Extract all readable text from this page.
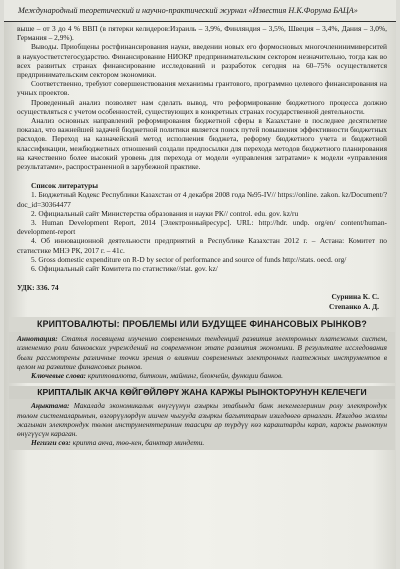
Международный теоретический и научно-практический журнал «Известия Н.К.Форума БАЦА»

выше – от 3 до 4 % ВВП (в пятерки келидеров:Израиль – 3,9%, Финляндия – 3,5%, Швеция – 3,4%, Дания – 3,0%, Германия – 2,9%).

Выводы. Приобщены ростфинансирования науки, введении новых его формосновых многочленинимиверситей в наукуостветстегосударство. Финансирование НИОКР предпринимательским сектором незначительно, тогда как во всех развитых странах финансирование исследований и разработок сегодня на 60–75% осуществляется предпринимательским сектором экономики.

Соответственно, требуют совершенствования механизмы грантового, программно целевого финансирования на учных проектов.

Проведенный анализ позволяет нам сделать вывод, что реформирование бюджетного процесса должно осуществляться с учетом особенностей, существующих в конкретных странах государственной деятельности.

Анализ основных направлений реформирования бюджетной сферы в Казахстане в последнее десятилетие показал, что важнейшей задачей бюджетной политики является поиск путей повышения эффективности бюджетных расходов. Переход на казначейский метод исполнения бюджета, реформу бюджетного учета и бюджетной классификации, межбюджетных отношений создали предпосылки для перехода методов бюджетного планирования на качественно более высокий уровень для перехода от модели «управления затратами» к модели «управления результатами», распространенной в зарубежной практике.

Список литературы

1. Бюджетный Кодекс Республики Казахстан от 4 декабря 2008 года №95-IV// https://online. zakon. kz/Document/?doc_id=30364477

2. Официальный сайт Министерства образования и науки РК// control. edu. gov. kz/ru

3. Human Development Report, 2014 [Электронныйресурс]. URL: http://hdr. undp. org/en/ content/human-development-report

4. Об инновационной деятельности предприятий в Республике Казахстан 2012 г. – Астана: Комитет по статистике МНЭ РК, 2017 г. – 41с.

5. Gross domestic expenditure on R-D by sector of performance and source of funds http://stats. oecd. org/

6. Официальный сайт Комитета по статистике//stat. gov. kz/

УДК: 336. 74

Сурнина К. С.

Степанко А. Д.

КРИПТОВАЛЮТЫ: ПРОБЛЕМЫ ИЛИ БУДУЩЕЕ ФИНАНСОВЫХ РЫНКОВ?

Аннотация: Статья посвящена изучению современных тенденций развития электронных платежных систем, изменению роли банковских учреждений на современном этапе развития экономики. В результате исследования были рассмотрены различные точки зрения о влиянии современных электронных платежных инструментов в целом на развитие финансовых рынков.

Ключевые слова: криптовалюта, биткоин, майнинг, блокчейн, функции банков.

КРИПТАЛЫК АКЧА КӨЙГӨЙЛӨРҮ ЖАНА КАРЖЫ РЫНОКТОРУНУН КЕЛЕЧЕГИ

Аңыктама: Макалада экономикалык өнүгүүнүн азыркы этабында банк мекемелеринин ролу электрондук төлөм системаларынын, өзгөрүүлөрдүн ишчен чыгууда азыркы багыттарын изилдөөгө арналган. Изилдөө жалпы жагынан электрондук төлөм инструменттеринин таасири ар түрдүү көз караштарды карап, каржы рыноктун өнүгүүсүн караган.

Негизги сөз: крипта акча, төө-кен, банктар миндети.
